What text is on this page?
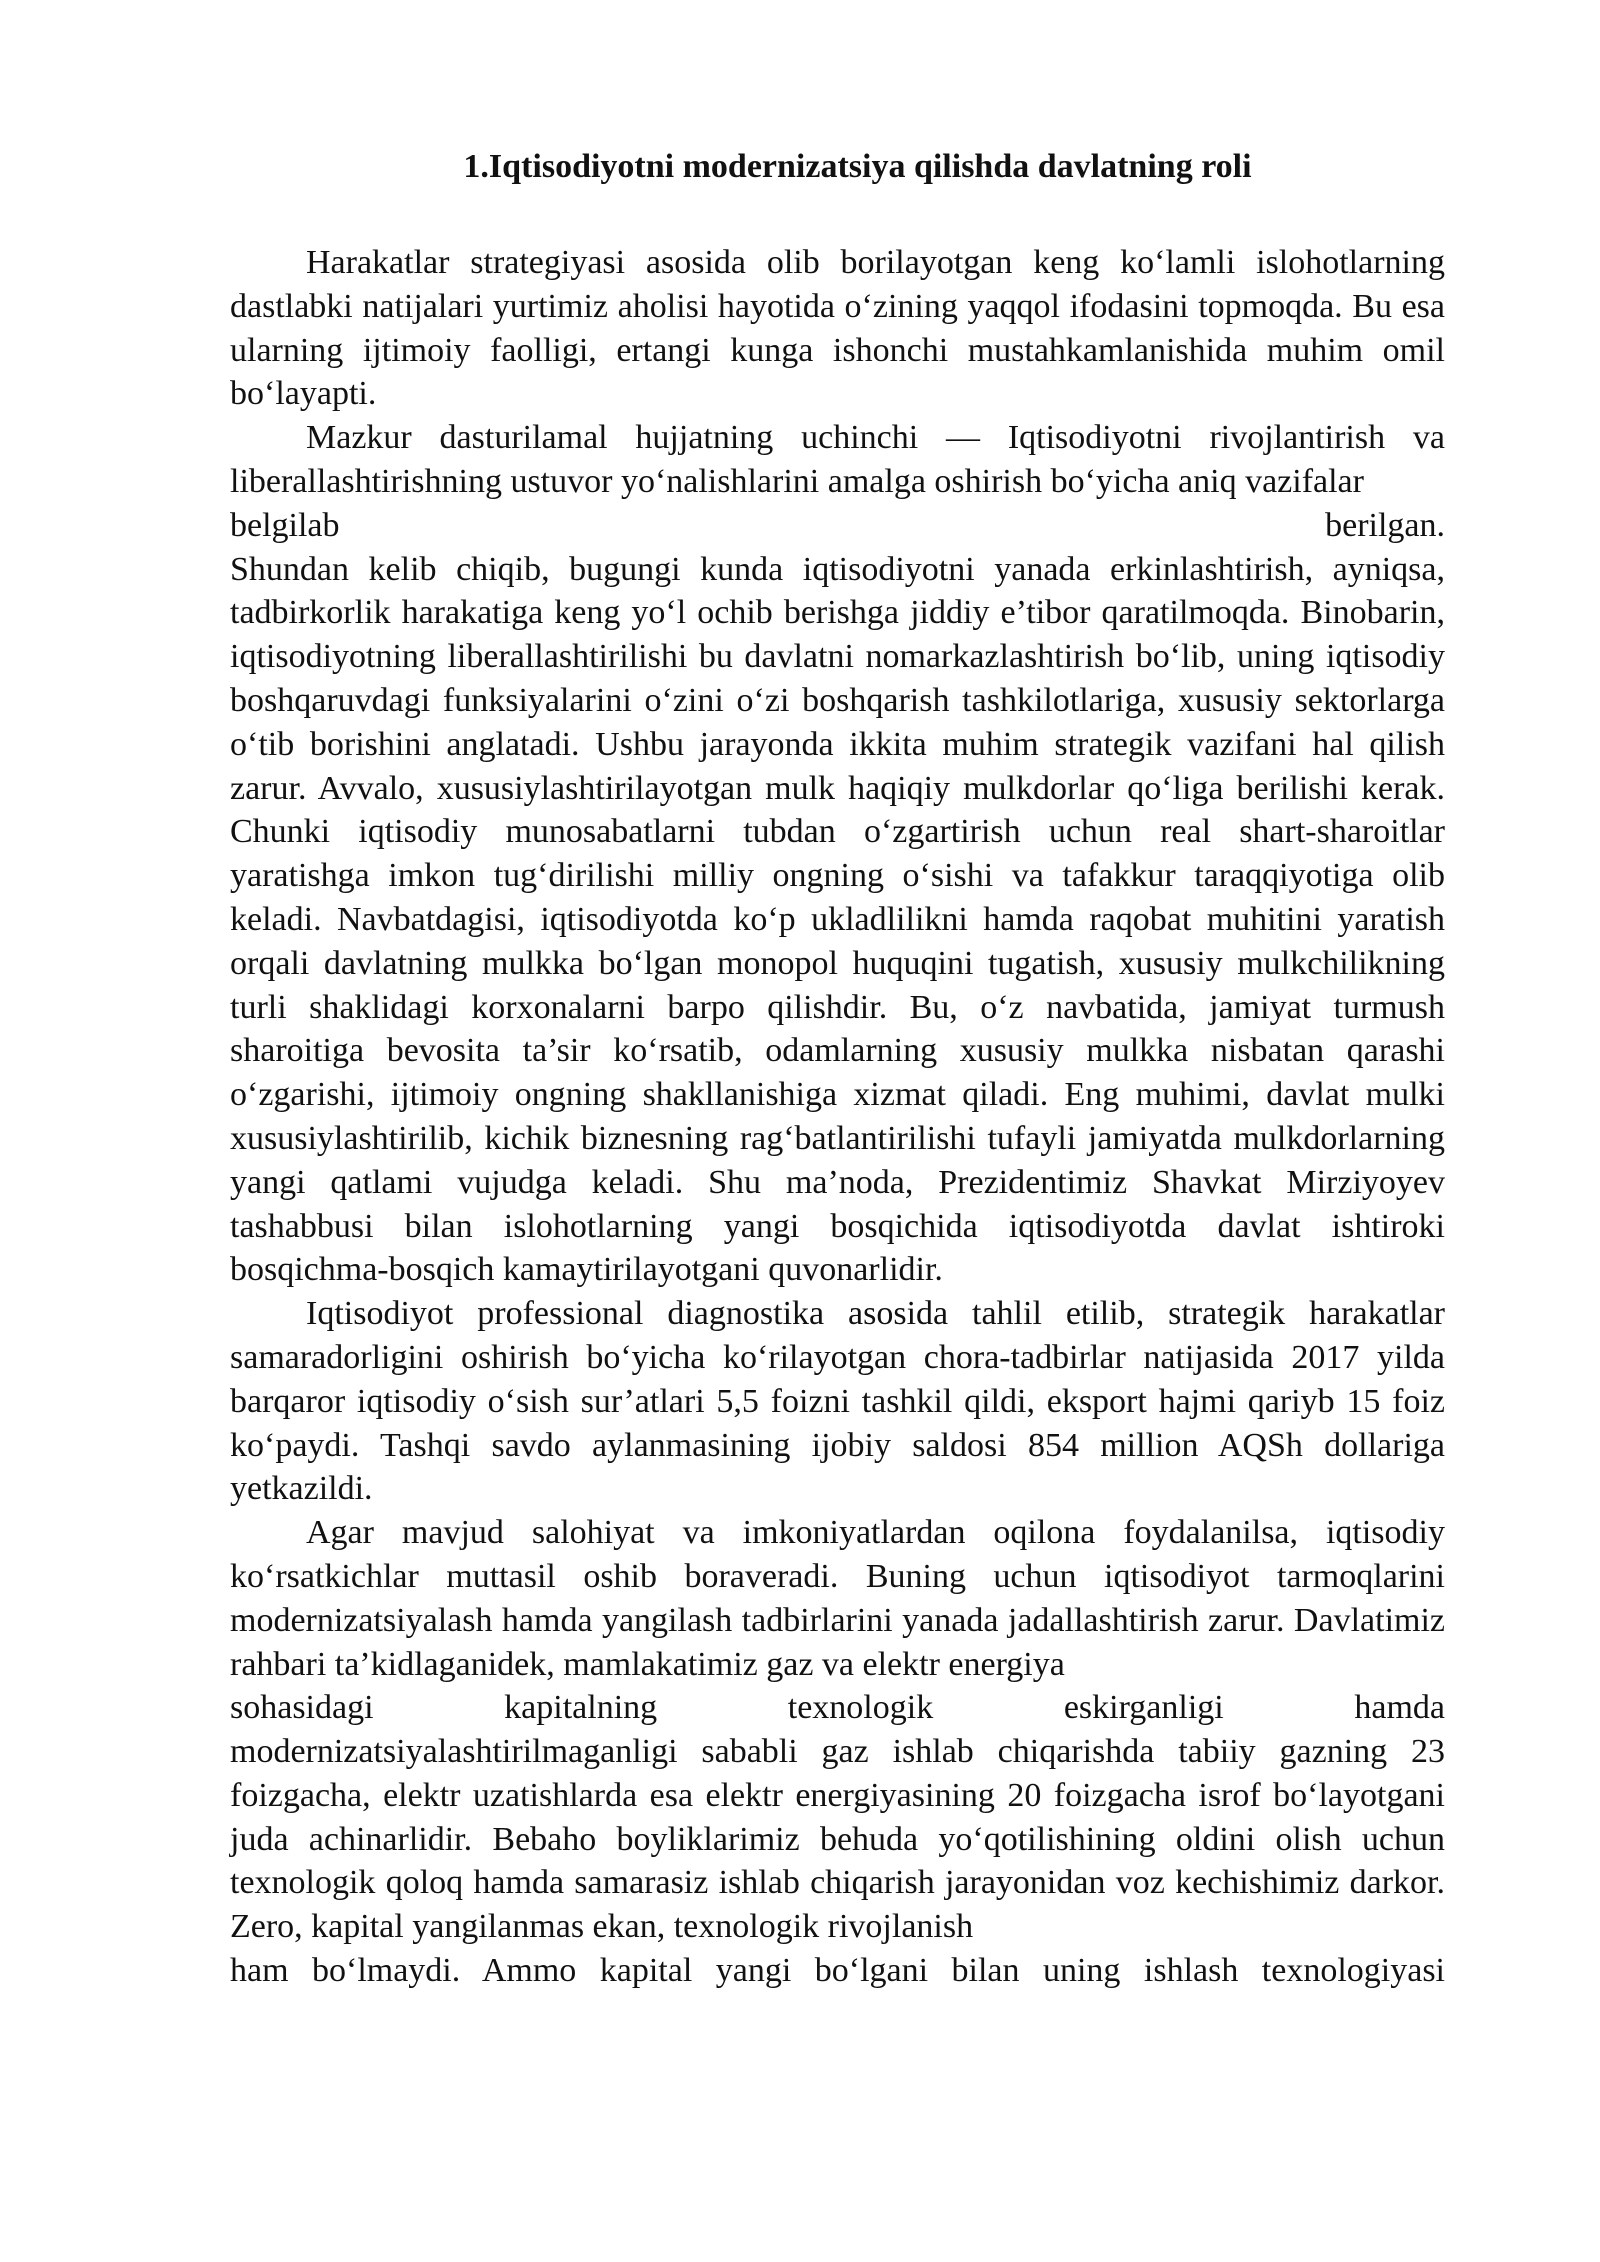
1.Iqtisodiyotni modernizatsiya qilishda davlatning roli

Harakatlar strategiyasi asosida olib borilayotgan keng ko‘lamli islohotlarning dastlabki natijalari yurtimiz aholisi hayotida o‘zining yaqqol ifodasini topmoqda. Bu esa ularning ijtimoiy faolligi, ertangi kunga ishonchi mustahkamlanishida muhim omil bo‘layapti.

Mazkur dasturilamal hujjatning uchinchi — Iqtisodiyotni rivojlantirish va liberallashtirishning ustuvor yo‘nalishlarini amalga oshirish bo‘yicha aniq vazifalar

belgilab berilgan.

Shundan kelib chiqib, bugungi kunda iqtisodiyotni yanada erkinlashtirish, ayniqsa, tadbirkorlik harakatiga keng yo‘l ochib berishga jiddiy e’tibor qaratilmoqda. Binobarin, iqtisodiyotning liberallashtirilishi bu davlatni nomarkazlashtirish bo‘lib, uning iqtisodiy boshqaruvdagi funksiyalarini o‘zini o‘zi boshqarish tashkilotlariga, xususiy sektorlarga o‘tib borishini anglatadi. Ushbu jarayonda ikkita muhim strategik vazifani hal qilish zarur. Avvalo, xususiylashtirilayotgan mulk haqiqiy mulkdorlar qo‘liga berilishi kerak. Chunki iqtisodiy munosabatlarni tubdan o‘zgartirish uchun real shart-sharoitlar yaratishga imkon tug‘dirilishi milliy ongning o‘sishi va tafakkur taraqqiyotiga olib keladi. Navbatdagisi, iqtisodiyotda ko‘p ukladlilikni hamda raqobat muhitini yaratish orqali davlatning mulkka bo‘lgan monopol huquqini tugatish, xususiy mulkchilikning turli shaklidagi korxonalarni barpo qilishdir. Bu, o‘z navbatida, jamiyat turmush sharoitiga bevosita ta’sir ko‘rsatib, odamlarning xususiy mulkka nisbatan qarashi o‘zgarishi, ijtimoiy ongning shakllanishiga xizmat qiladi. Eng muhimi, davlat mulki xususiylashtirilib, kichik biznesning rag‘batlantirilishi tufayli jamiyatda mulkdorlarning yangi qatlami vujudga keladi. Shu ma’noda, Prezidentimiz Shavkat Mirziyoyev tashabbusi bilan islohotlarning yangi bosqichida iqtisodiyotda davlat ishtiroki bosqichma-bosqich kamaytirilayotgani quvonarlidir.

Iqtisodiyot professional diagnostika asosida tahlil etilib, strategik harakatlar samaradorligini oshirish bo‘yicha ko‘rilayotgan chora-tadbirlar natijasida 2017 yilda barqaror iqtisodiy o‘sish sur’atlari 5,5 foizni tashkil qildi, eksport hajmi qariyb 15 foiz ko‘paydi. Tashqi savdo aylanmasining ijobiy saldosi 854 million AQSh dollariga yetkazildi.

Agar mavjud salohiyat va imkoniyatlardan oqilona foydalanilsa, iqtisodiy ko‘rsatkichlar muttasil oshib boraveradi. Buning uchun iqtisodiyot tarmoqlarini modernizatsiyalash hamda yangilash tadbirlarini yanada jadallashtirish zarur. Davlatimiz rahbari ta’kidlaganidek, mamlakatimiz gaz va elektr energiya

sohasidagi kapitalning texnologik eskirganligi hamda

modernizatsiyalashtirilmaganligi sababli gaz ishlab chiqarishda tabiiy gazning 23 foizgacha, elektr uzatishlarda esa elektr energiyasining 20 foizgacha isrof bo‘layotgani juda achinarlidir. Bebaho boyliklarimiz behuda yo‘qotilishining oldini olish uchun texnologik qoloq hamda samarasiz ishlab chiqarish jarayonidan voz kechishimiz darkor. Zero, kapital yangilanmas ekan, texnologik rivojlanish

ham bo‘lmaydi. Ammo kapital yangi bo‘lgani bilan uning ishlash texnologiyasi
